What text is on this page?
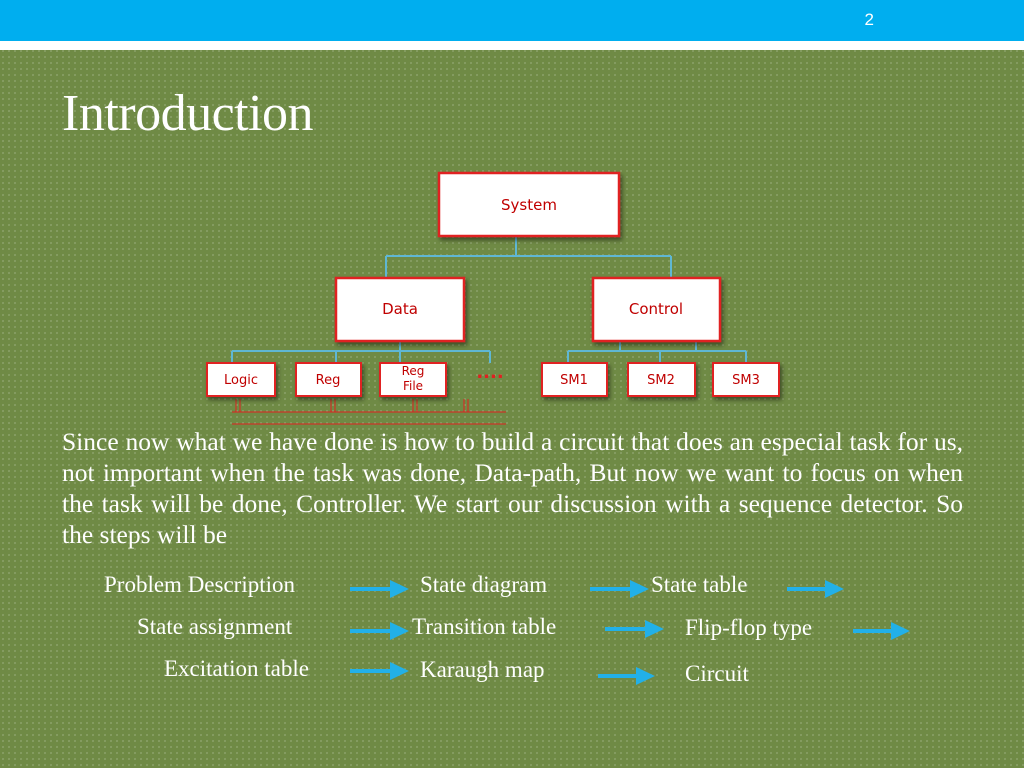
2
Introduction
System
Data	Control
Logic	Reg
Reg File
....	SM1	SM2	SM3

Since now what we have done is how to build a circuit that does an especial task for us, not important when the task was done, Data-path, But now we want to focus on when the task will be done, Controller. We start our discussion with a sequence detector. So the steps will be

Problem Description	State diagram	State table
State assignment	Transition table	Flip-flop type
Excitation table	Karaugh map	Circuit
